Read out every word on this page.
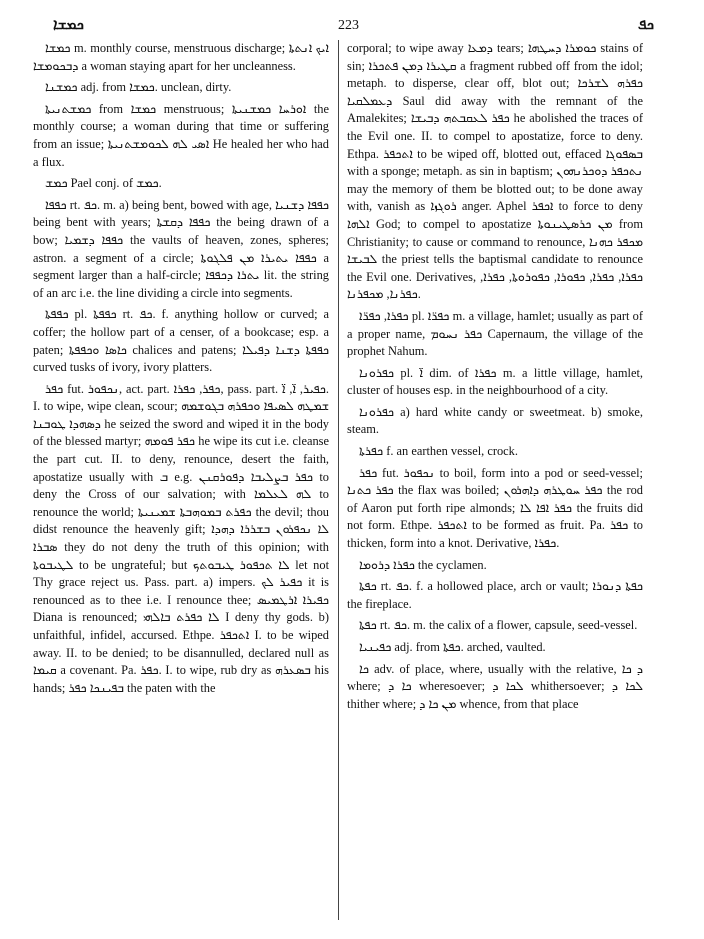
ܟܡܫܐ	223	ܟܦ

ܟܡܫܐ m. monthly course, menstruous discharge; ܐܝܟ ܐܢܬܬܐ ܕܒܟܘܡܫܐ a woman staying apart for her uncleanness.

ܟܡܫܢܐ adj. from ܟܡܫܐ. unclean, dirty.

ܟܡܫܬܢܝܬܐ from ܟܡܫܐ menstruous; ܐܘܪܚܐ ܟܡܫܢܝܬܐ the monthly course; a woman during that time or suffering from an issue; ܐܣܝ ܠܗ ܠܟܘܡܫܬܢܝܬܐ He healed her who had a flux.

ܟܡܫ Pael conj. of ܟܡܫ.

ܟܦܦܐ rt. ܟܦ. m. a) being bent, bowed with age, ܟܦܦܐ ܕܫܢܝܐ being bent with years; ܟܦܦܐ ܕܩܫܬܐ the being drawn of a bow; ܟܦܦܐ ܕܫܡܝܐ the vaults of heaven, zones, spheres; astron. a segment of a circle; ܟܦܦܐ ܝܬܝܪܐ ܡܢ ܦܠܓܘܬܐ a segment larger than a half-circle; ܝܬܪܐ ܕܟܦܦܐ lit. the string of an arc i.e. the line dividing a circle into segments.

ܟܦܦܬܐ pl. ܟܦܦܬܐ rt. ܟܦ. f. anything hollow or curved; a coffer; the hollow part of a censer, of a bookcase; esp. a paten; ܟܐܣܐ ܘܟܦܦܬܐ chalices and patens; ܟܦܦܬܐ ܕܫܢܐ ܕܦܝܠܐ curved tusks of ivory, ivory platters.

ܟܦܪ fut. ܢܟܦܘܪ, act. part. ܟܦܪ, ܟܦܪܐ, pass. part. ܟܦܝܪ, ܐ̈, ܐ̈. I. to wipe, wipe clean, scour; ܫܡܛܗ ܠܣܝܦܐ ܘܟܦܪܗ ܒܓܘܫܡܗ ܕܣܗܕܐ ܛܘܒܢܐ he seized the sword and wiped it in the body of the blessed martyr; ܟܦܪ ܦܘܡܗ he wipe its cut i.e. cleanse the part cut. II. to deny, renounce, desert the faith, apostatize usually with ܒ e.g. ܟܦܪ ܒܨܠܝܒܐ ܕܦܘܪܩܢܢ to deny the Cross of our salvation; with ܠܗ ܠܥܠܡܐ to renounce the world; ܟܦܪܬ ܒܡܘܗܒܬܐ ܫܡܝܢܝܬܐ the devil; thou didst renounce the heavenly gift; ܠܐ ܢܟܦܪܘܢ ܒܫܪܪܐ ܕܗܕܐ ܣܒܪܐ they do not deny the truth of this opinion; with ܠܛܝܒܘܬܐ to be ungrateful; but ܠܐ ܬܟܦܘܪ ܛܝܒܘܬܟ let not Thy grace reject us. Pass. part. a) impers. ܟܦܝܪ ܠܟ it is renounced as to thee i.e. I renounce thee; ܟܦܝܪܐ ܐܪܛܡܝܣ Diana is renounced; ܠܐ ܟܦܪܬ ܒܐܠܗܝ I deny thy gods. b) unfaithful, infidel, accursed. Ethpe. ܐܬܟܦܪ I. to be wiped away. II. to be denied; to be disannulled, declared null as ܩܝܡܐ a covenant. Pa. ܟܦܪ. I. to wipe, rub dry as ܒܣܥܪܗ his hands; ܒܦܝܢܟܐ ܟܦܪ the paten with the

corporal; to wipe away ܕܡܥܐ tears; ܟܘܡܪܐ ܕܚܛܗܐ stains of sin; ܩܛܝܪܐ ܕܡܢ ܦܬܟܪܐ a fragment rubbed off from the idol; metaph. to disperse, clear off, blot out; ܟܦܪܗ ܠܫܪܟܐ ܕܥܡܠܩܝܐ Saul did away with the remnant of the Amalekites; ܟܦܪ ܠܥܩܒܬܗ ܕܒܝܫܐ he abolished the traces of the Evil one. II. to compel to apostatize, force to deny. Ethpa. ܐܬܟܦܪ to be wiped off, blotted out, effaced ܒܣܦܘܓܐ with a sponge; metaph. as sin in baptism; ܢܬܟܦܪ ܕܘܟܪܢܗܘܢ may the memory of them be blotted out; to be done away with, vanish as ܪܘܓܙܐ anger. Aphel ܐܟܦܪ to force to deny ܐܠܗܐ God; to compel to apostatize ܡܢ ܟܪܣܛܝܢܘܬܐ from Christianity; to cause or command to renounce, ܡܟܦܪ ܟܗܢܐ ܠܒܝܫܐ the priest tells the baptismal candidate to renounce the Evil one. Derivatives, ܟܦܪܐ, ܟܦܪܐ, ܟܦܘܪܐ, ܟܦܘܪܘܬܐ, ܟܦܪܐ, ܟܦܪܢܐ, ܡܟܦܪܢܐ.

ܟܦܪܐ, ܟܦܪ̈ܐ pl. ܟܦܪ̈ܐ m. a village, hamlet; usually as part of a proper name, ܟܦܪ ܢܚܘܡ Capernaum, the village of the prophet Nahum.

ܟܦܪܘܢܐ pl. ܐ̈ dim. of ܟܦܪܐ m. a little village, hamlet, cluster of houses esp. in the neighbourhood of a city.

ܟܦܪܘܢܐ a) hard white candy or sweetmeat. b) smoke, steam.

ܟܦܪܬܐ f. an earthen vessel, crock.

ܟܦܪ fut. ܢܟܦܘܪ to boil, form into a pod or seed-vessel; ܟܦܪ ܟܬܢܐ the flax was boiled; ܟܦܪ ܚܘܛܪܗ ܕܐܗܪܘܢ the rod of Aaron put forth ripe almonds; ܟܦܪ ܐܦܐ ܠܐ the fruits did not form. Ethpe. ܐܬܟܦܪ to be formed as fruit. Pa. ܟܦܪ to thicken, form into a knot. Derivative, ܟܦܪܐ.

ܟܦܪܐ ܕܪܘܡܐ the cyclamen.

ܟܦܬܐ rt. ܟܦ. f. a hollowed place, arch or vault; ܟܦܬܐ ܕܢܘܪܐ the fireplace.

ܟܦܬܐ rt. ܟܦ. m. the calix of a flower, capsule, seed-vessel.

ܟܦܝܢܝܐ adj. from ܟܦܬܐ. arched, vaulted.

ܟܐ adv. of place, where, usually with the relative, ܕ ܟܐ where; ܟܐ ܕ wheresoever; ܠܟܐ ܕ whithersoever; ܠܟܐ ܕ thither where; ܡܢ ܟܐ ܕ whence, from that place
